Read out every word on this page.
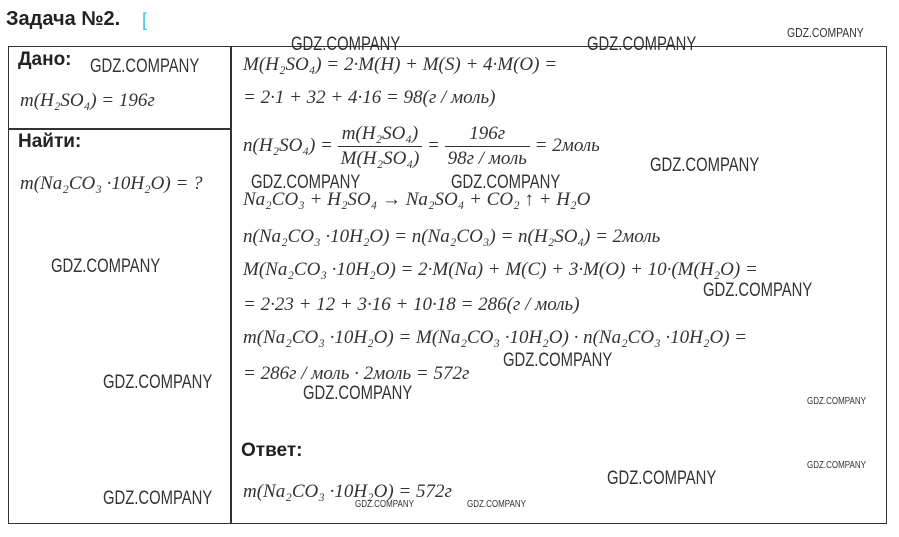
Задача №2. [
Дано:
m(H₂SO₄) = 196г
Найти:
m(Na₂CO₃ ·10H₂O) = ?
M(H₂SO₄) = 2·M(H) + M(S) + 4·M(O) =
= 2·1 + 32 + 4·16 = 98(г / моль)
$n(H_2SO_4) = \frac{\text{m(H₂SO₄)}}{\text{M(H₂SO₄)}} = \frac{196г}{\text{98г / моль}}$ = 2моль
Na₂CO₃ + H₂SO₄ → Na₂SO₄ + CO₂ ↑ + H₂O
n(Na₂CO₃ ·10H₂O) = n(Na₂CO₃) = n(H₂SO₄) = 2моль
M(Na₂CO₃ ·10H₂O) = 2·M(Na) + M(C) + 3·M(O) + 10·(M(H₂O) =
= 2·23 + 12 + 3·16 + 10·18 = 286(г / моль)
m(Na₂CO₃ ·10H₂O) = M(Na₂CO₃ ·10H₂O) · n(Na₂CO₃ ·10H₂O) =
= 286г / моль · 2моль = 572г
Ответ:
m(Na₂CO₃ ·10H₂O) = 572г
GDZ.COMPANY
GDZ.COMPANY	GDZ.COMPANY
GDZ.COMPANY
GDZ.COMPANY
GDZ.COMPANY	GDZ.COMPANY
GDZ.COMPANY
GDZ.COMPANY
GDZ.COMPANY
GDZ.COMPANY
GDZ.COMPANY	GDZ.COMPANY
GDZ.COMPANY
GDZ.COMPANY
GDZ.COMPANY	GDZ.COMPANY	GDZ.COMPANY
